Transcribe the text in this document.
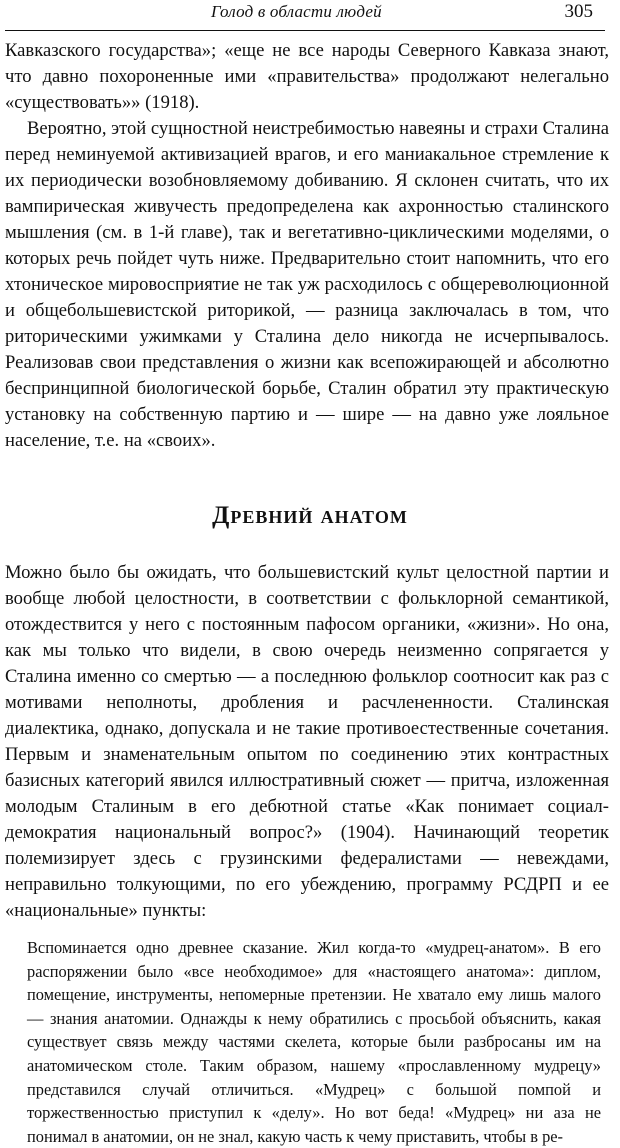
Голод в области людей	305

Кавказского государства»; «еще не все народы Северного Кавказа знают, что давно похороненные ими «правительства» продолжают нелегально «существовать»» (1918).

Вероятно, этой сущностной неистребимостью навеяны и страхи Сталина перед неминуемой активизацией врагов, и его маниакальное стремление к их периодически возобновляемому добиванию. Я склонен считать, что их вампирическая живучесть предопределена как ахронностью сталинского мышления (см. в 1-й главе), так и вегетативно-циклическими моделями, о которых речь пойдет чуть ниже. Предварительно стоит напомнить, что его хтоническое мировосприятие не так уж расходилось с общереволюционной и общебольшевистской риторикой, — разница заключалась в том, что риторическими ужимками у Сталина дело никогда не исчерпывалось. Реализовав свои представления о жизни как всепожирающей и абсолютно беспринципной биологической борьбе, Сталин обратил эту практическую установку на собственную партию и — шире — на давно уже лояльное население, т.е. на «своих».

Древний анатом

Можно было бы ожидать, что большевистский культ целостной партии и вообще любой целостности, в соответствии с фольклорной семантикой, отождествится у него с постоянным пафосом органики, «жизни». Но она, как мы только что видели, в свою очередь неизменно сопрягается у Сталина именно со смертью — а последнюю фольклор соотносит как раз с мотивами неполноты, дробления и расчлененности. Сталинская диалектика, однако, допускала и не такие противоестественные сочетания. Первым и знаменательным опытом по соединению этих контрастных базисных категорий явился иллюстративный сюжет — притча, изложенная молодым Сталиным в его дебютной статье «Как понимает социал-демократия национальный вопрос?» (1904). Начинающий теоретик полемизирует здесь с грузинскими федералистами — невеждами, неправильно толкующими, по его убеждению, программу РСДРП и ее «национальные» пункты:

Вспоминается одно древнее сказание. Жил когда-то «мудрец-анатом». В его распоряжении было «все необходимое» для «настоящего анатома»: диплом, помещение, инструменты, непомерные претензии. Не хватало ему лишь малого — знания анатомии. Однажды к нему обратились с просьбой объяснить, какая существует связь между частями скелета, которые были разбросаны им на анатомическом столе. Таким образом, нашему «прославленному мудрецу» представился случай отличиться. «Мудрец» с большой помпой и торжественностью приступил к «делу». Но вот беда! «Мудрец» ни аза не понимал в анатомии, он не знал, какую часть к чему приставить, чтобы в ре-
